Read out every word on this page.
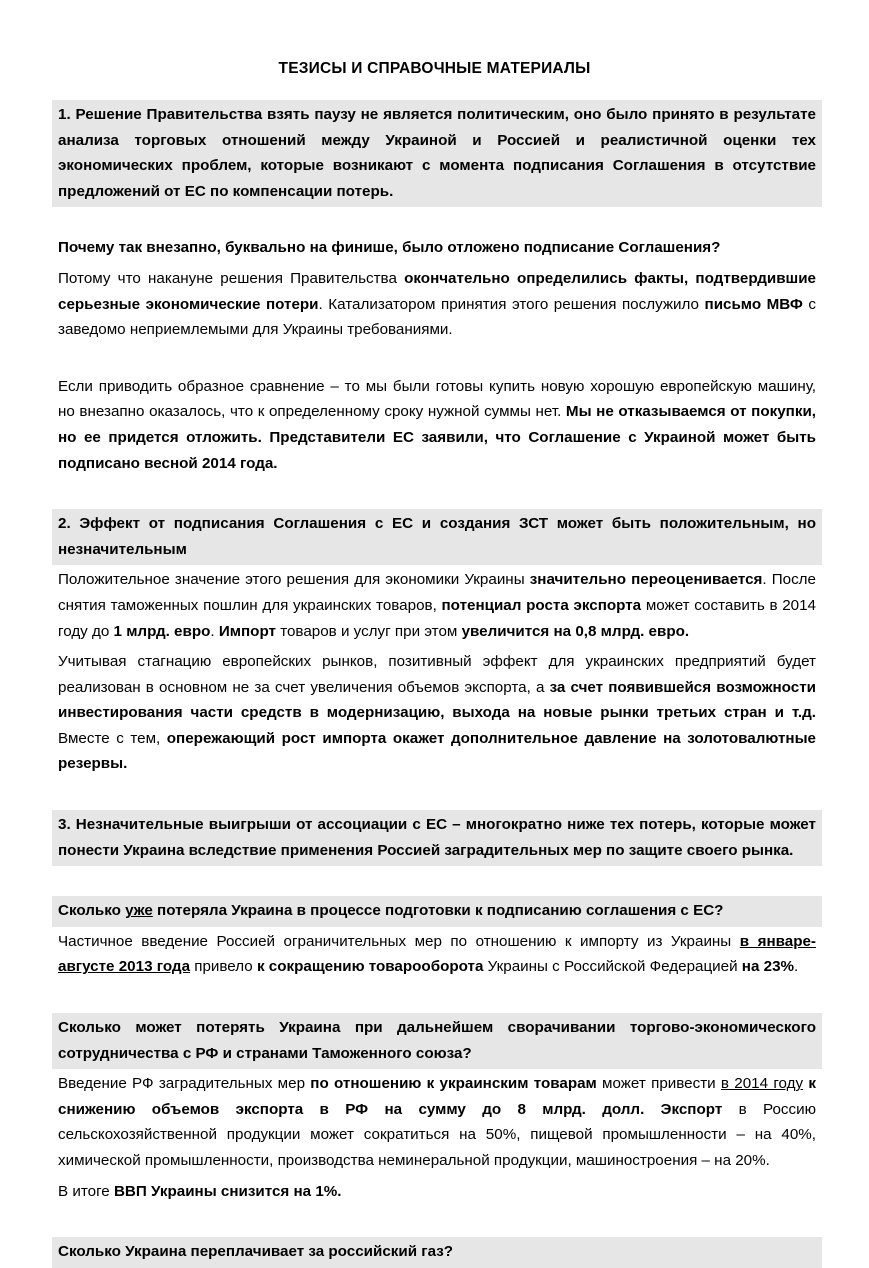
ТЕЗИСЫ И СПРАВОЧНЫЕ МАТЕРИАЛЫ

1. Решение Правительства взять паузу не является политическим, оно было принято в результате анализа торговых отношений между Украиной и Россией и реалистичной оценки тех экономических проблем, которые возникают с момента подписания Соглашения в отсутствие предложений от ЕС по компенсации потерь.

Почему так внезапно, буквально на финише, было отложено подписание Соглашения?

Потому что накануне решения Правительства окончательно определились факты, подтвердившие серьезные экономические потери. Катализатором принятия этого решения послужило письмо МВФ с заведомо неприемлемыми для Украины требованиями.

Если приводить образное сравнение – то мы были готовы купить новую хорошую европейскую машину, но внезапно оказалось, что к определенному сроку нужной суммы нет. Мы не отказываемся от покупки, но ее придется отложить. Представители ЕС заявили, что Соглашение с Украиной может быть подписано весной 2014 года.

2. Эффект от подписания Соглашения с ЕС и создания ЗСТ может быть положительным, но незначительным

Положительное значение этого решения для экономики Украины значительно переоценивается. После снятия таможенных пошлин для украинских товаров, потенциал роста экспорта может составить в 2014 году до 1 млрд. евро. Импорт товаров и услуг при этом увеличится на 0,8 млрд. евро.

Учитывая стагнацию европейских рынков, позитивный эффект для украинских предприятий будет реализован в основном не за счет увеличения объемов экспорта, а за счет появившейся возможности инвестирования части средств в модернизацию, выхода на новые рынки третьих стран и т.д. Вместе с тем, опережающий рост импорта окажет дополнительное давление на золотовалютные резервы.

3. Незначительные выигрыши от ассоциации с ЕС – многократно ниже тех потерь, которые может понести Украина вследствие применения Россией заградительных мер по защите своего рынка.

Сколько уже потеряла Украина в процессе подготовки к подписанию соглашения с ЕС?

Частичное введение Россией ограничительных мер по отношению к импорту из Украины в январе-августе 2013 года привело к сокращению товарооборота Украины с Российской Федерацией на 23%.

Сколько может потерять Украина при дальнейшем сворачивании торгово-экономического сотрудничества с РФ и странами Таможенного союза?

Введение РФ заградительных мер по отношению к украинским товарам может привести в 2014 году к снижению объемов экспорта в РФ на сумму до 8 млрд. долл. Экспорт в Россию сельскохозяйственной продукции может сократиться на 50%, пищевой промышленности – на 40%, химической промышленности, производства неминеральной продукции, машиностроения – на 20%.

В итоге ВВП Украины снизится на 1%.

Сколько Украина переплачивает за российский газ?
